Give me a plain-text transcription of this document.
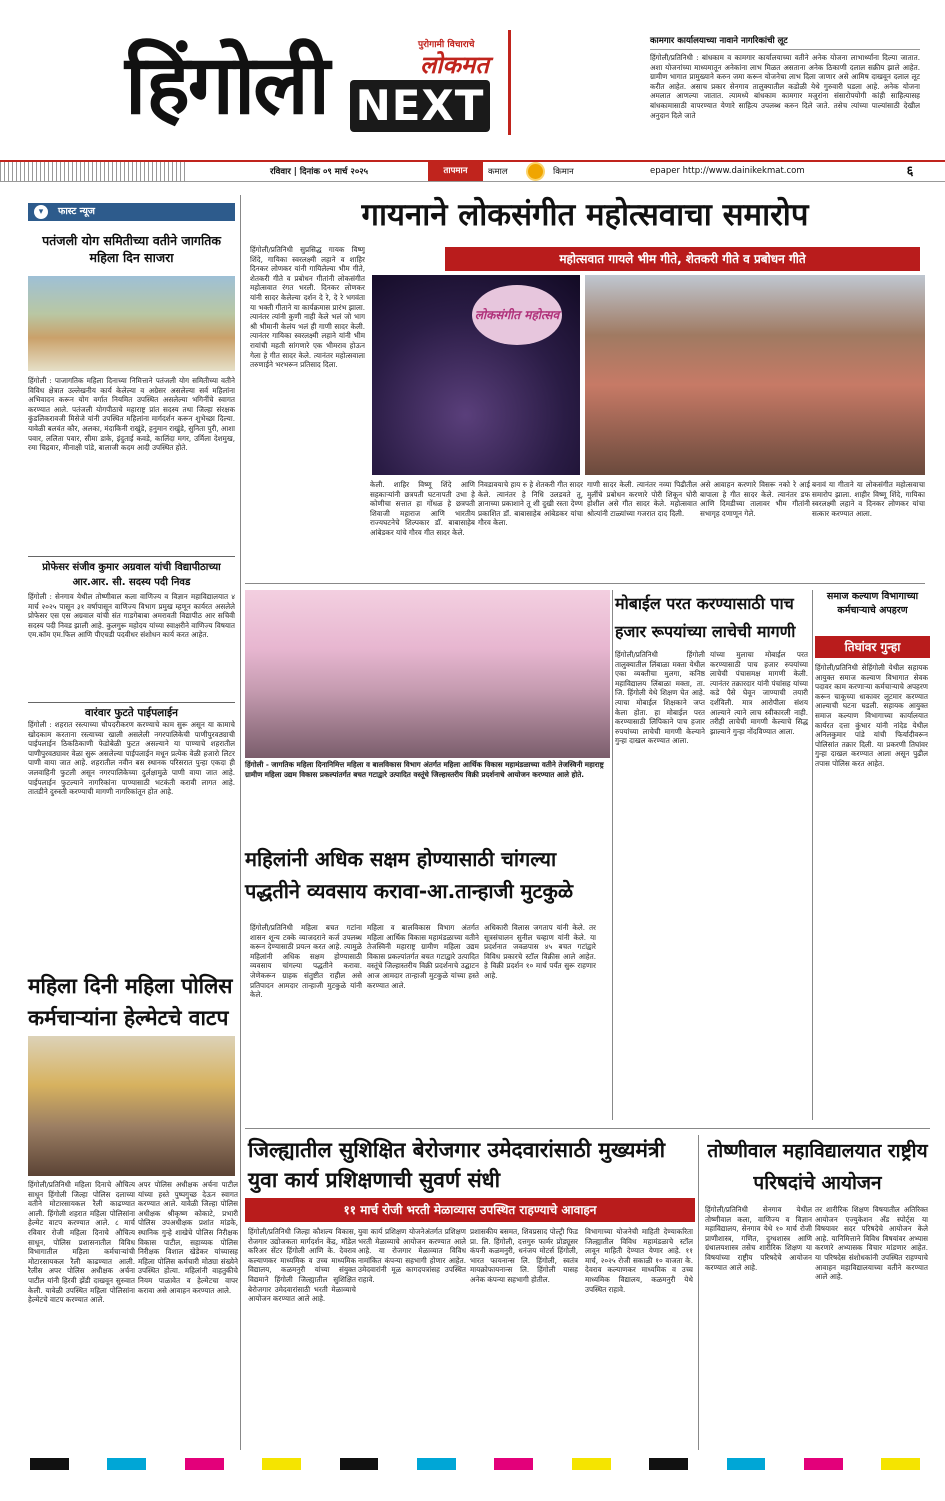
हिंगोली	पुरोगामी विचाराचे
लोकमत
NEXT
कामगार कार्यालयाच्या नावाने नागरिकांची लूट
हिंगोली/प्रतिनिधी : बांधकाम व कामगार कार्यालयाच्या वतीने अनेक योजना लाभार्थ्यांना दिल्या जातात. अशा योजनांच्या माध्यमातून अनेकांना लाभ मिळत असताना अनेक ठिकाणी दलाल सक्रीय झाले आहेत. ग्रामीण भागात प्रामुख्याने करुन जमा करून योजनेचा लाभ दिला जाणार असे आमिष दाखवून दलाल लूट करीत आहेत. असाच प्रकार सेनगाव तालुक्यातील कडोळी येथे गुरुवारी घडला आहे. अनेक योजना अमलात आणल्या जातात. त्यामध्ये बांधकाम कामगार मजुरांना संसारोपयोगी कांही साहित्यासह बांधकामासाठी वापरण्यात येणारे साहित्य उपलब्ध करुन दिले जाते. तसेच त्यांच्या पाल्यांसाठी देखील अनुदान दिले जाते
रविवार | दिनांक ०९ मार्च २०२५	तापमान	कमाल	किमान	epaper http://www.dainikekmat.com	६
फास्ट न्यूज
▾
पतंजली योग समितीच्या वतीने जागतिक महिला दिन साजरा
हिंगोली : पाजागतिक महिला दिनाच्या निमित्ताने पतंजली योग समितीच्या वतीने विविध क्षेत्रात उल्लेखनीय कार्य केलेल्या व अग्रेसर असलेल्या सर्व महिलांना अभिवादन करून योग वर्गात नियमित उपस्थित असलेल्या भगिनींचे स्वागत करण्यात आले. पतंजली योगपीठाचे महाराष्ट्र प्रांत सदस्य तथा जिल्हा संरक्षक कुंडलिकरावजी मिसेजे यांनी उपस्थित महिलांना मार्गदर्शन करून शुभेच्छा दिल्या. यावेळी बलवंत कौर, अलका, मंदाकिनी राखुंडे, हनुमान राखुंडे, सुनिता पुरी, आशा पवार, ललिता पवार, सीमा डाके, इंदुताई कवडे, कालिंदा मगर, उर्मिला देशमुख, रमा चिद्रवार, मीनाक्षी पांडे, बालाजी कदम आदी उपस्थित होते.
प्रोफेसर संजीव कुमार अग्रवाल यांची विद्यापीठाच्या आर.आर. सी. सदस्य पदी निवड
हिंगोली : सेनगाव येथील तोष्णीवाल कला वाणिज्य व विज्ञान महाविद्यालयात ४ मार्च २०२५ पासून ३१ वर्षापासून वाणिज्य विभाग प्रमुख म्हणून कार्यरत असलेले प्रोफेसर एस एस अग्रवाल यांची संत गाडगेबाबा अमरावती विद्यापीठ आर सचिवी सदस्य पदी निवड झाली आहे. कुलगुरू महोदय यांच्या स्वाक्षरीने वाणिज्य विषयात एम.कॉम एम.फिल आणि पीएचडी पदवीधर संशोधन कार्य करत आहेत.
वारंवार फुटते पाईपलाईन
हिंगोली : शहरात रस्त्याच्या चौपदरीकरण करण्याचे काम सुरू असून या कामाचे खोदकाम करताना रस्त्याच्या खाली असलेली नगरपालिकेची पाणीपुरवठ्याची पाईपलाईन ठिकठिकाणी फेडोबेळी फुटत असल्याने या पाण्याचे शहरातील पाणीपुरवठ्यावर वेळा सुरू असलेल्या पाईपलाईन मधून प्रत्येक वेळी हजारो लिटर पाणी वाया जात आहे. शहरातील नवीन बस स्थानक परिसरात पुन्हा एकदा ही जलवाहिनी फुटली असून नगरपालिकेच्या दुर्लक्षामुळे पाणी वाया जात आहे. पाईपलाईन फुटल्याने नागरिकांना पाण्यासाठी भटकंती करावी लागत आहे. तातडीने दुरुस्ती करण्याची मागणी नागरिकांतून होत आहे.
गायनाने लोकसंगीत महोत्सवाचा समारोप
हिंगोली/प्रतिनिधी सुप्रसिद्ध गायक विष्णू शिंदे, गायिका स्वरलक्ष्मी लहाने व शाहिर दिनकर लोणकर यांनी गायिलेल्या भीम गीते, शेतकरी गीते व प्रबोधन गीतांनी लोकसंगीत महोत्सवात रंगत भरली. दिनकर लोणकर यांनी सादर केलेल्या दर्शन दे रे, दे रे भगवंता या भक्ती गीताने या कार्यक्रमास प्रारंभ झाला. त्यानंतर त्यांनी कुणी नाही केले भलं जो भाग श्री भीमानी केलंय भलं ही गाणी सादर केली. त्यानंतर गायिका स्वरलक्ष्मी लहाने यांनी भीम रायांची महती सांगणारे एक भीमराव होऊन गेला हे गीत सादर केले. त्यानंतर महोत्सवाला तरुणाईने भरभरून प्रतिसाद दिला.
महोत्सवात गायले भीम गीते, शेतकरी गीते व प्रबोधन गीते
लोकसंगीत महोत्सव
केली. शाहिर विष्णू शिंदे आणि सहकाऱ्यांनी छत्रपती घटनापती उभा हे कोणीचा सत्तात हा गोंधळ हे छत्रपती शिवाजी महाराज आणि भारतीय राज्यघटनेचे शिल्पकार डॉ. बाबासाहेब आंबेडकर यांचे गौरव गीत सादर केले.
निवडावयाचे हाय रु हे शेतकरी गीत सादर केले. त्यानंतर हे निधि उलडवते तू, ज्ञानाच्या प्रकाशाने तू शी दुखी रस्ता देण्ण प्रकाशित डॉ. बाबासाहेब आंबेडकर यांचा गौरव केला.
गाणी सादर केली. त्यानंतर नव्या पिढीतील मुलींचे प्रबोधन करणारे पोरी शिकून घोरी होशील असे गीत सादर केले. महोत्सवात श्रोत्यांनी टाळ्यांच्या गजरात दाद दिली.
असे आवाहन करणारे विसरू नको रे आई बापाला हे गीत सादर केले. त्यानंतर डफ आणि दिमडीच्या तालावर भीम गीतांनी सभागृह दणाणून गेले.
बनावं या गीताने या लोकसंगीत महोत्सवाचा समारोप झाला. शाहीर विष्णू शिंदे, गायिका स्वरलक्ष्मी लहाने व दिनकर लोणकर यांचा सत्कार करण्यात आला.
हिंगोली - जागतिक महिला दिनानिमित्त महिला व बालविकास विभाग अंतर्गत महिला आर्थिक विकास महामंडळाच्या वतीने तेजस्विनी महाराष्ट्र ग्रामीण महिला उद्यम विकास प्रकल्पांतर्गत बचत गटाद्वारे उत्पादित वस्तूंचे जिल्हास्तरीय विक्री प्रदर्शनाचे आयोजन करण्यात आले होते.
महिलांनी अधिक सक्षम होण्यासाठी चांगल्या पद्धतीने व्यवसाय करावा-आ.तान्हाजी मुटकुळे
हिंगोली/प्रतिनिधी महिला बचत गटांना शासन शून्य टक्के व्याजदराने कर्ज उपलब्ध करून देण्यासाठी प्रयत्न करत आहे. त्यामुळे महिलांनी अधिक सक्षम होण्यासाठी व्यवसाय चांगल्या पद्धतीने करावा. जेणेकरून ग्राहक संतुष्टीत राहील असे प्रतिपादन आमदार तान्हाजी मुटकुळे यांनी केले.
महिला व बालविकास विभाग अंतर्गत महिला आर्थिक विकास महामंडळाच्या वतीने तेजस्विनी महाराष्ट्र ग्रामीण महिला उद्यम विकास प्रकल्पांतर्गत बचत गटाद्वारे उत्पादित वस्तूंचे जिल्हास्तरीय विक्री प्रदर्शनाचे उद्घाटन आज आमदार तान्हाजी मुटकुळे यांच्या हस्ते करण्यात आले.
अधिकारी विलास जगताप यांनी केले. तर सूत्रसंचालन सुनील चव्हाण यांनी केले. या प्रदर्शनात जवळपास ४५ बचत गटांद्वारे विविध प्रकारचे स्टॉल विक्रीस आले आहेत. हे विक्री प्रदर्शन १० मार्च पर्यंत सुरू राहणार आहे.
मोबाईल परत करण्यासाठी पाच हजार रूपयांच्या लाचेची मागणी
हिंगोली/प्रतिनिधी हिंगोली तालुक्यातील लिंबाळा मक्ता येथील एका व्यक्तीचा मुलगा, कनिष्ठ महाविद्यालय लिंबाळा मक्ता, ता. जि. हिंगोली येथे शिक्षण घेत आहे. त्याचा मोबाईल शिक्षकाने जप्त केला होता. हा मोबाईल परत करण्यासाठी लिपिकाने पाच हजार रुपयांच्या लाचेची मागणी केल्याने गुन्हा दाखल करण्यात आला.
यांच्या मुलाचा मोबाईल परत करण्यासाठी पाच हजार रुपयांच्या लाचेची पंचासमक्ष मागणी केली. त्यानंतर तक्रारदार यांनी पंचांसह यांच्या कडे पैसे घेवून जाण्याची तयारी दर्शविली. मात्र आरोपीला संशय आल्याने त्याने लाच स्वीकारली नाही. तरीही लाचेची मागणी केल्याचे सिद्ध झाल्याने गुन्हा नोंदविण्यात आला.
समाज कल्याण विभागाच्या कर्मचाऱ्याचे अपहरण
तिघांवर गुन्हा
हिंगोली/प्रतिनिधी सेहिंगोली येथील सहायक आयुक्त समाज कल्याण विभागात सेवक पदावर काम करणाऱ्या कर्मचाऱ्याचे अपहरण करून चाकूच्या धाकावर लूटमार करण्यात आल्याची घटना घडली. सहायक आयुक्त समाज कल्याण विभागाच्या कार्यालयात कार्यरत दत्ता कुंभार यांनी नांदेड येथील अनिलकुमार पांडे यांची फिर्यादीवरून पोलिसांत तक्रार दिली. या प्रकरणी तिघांवर गुन्हा दाखल करण्यात आला असून पुढील तपास पोलिस करत आहेत.
महिला दिनी महिला पोलिस कर्मचाऱ्यांना हेल्मेटचे वाटप
हिंगोली/प्रतिनिधी महिला दिनाचे औचित्य साधून हिंगोली जिल्हा पोलिस दलाच्या वतीने मोटारसायकल रैली काढण्यात आली. हिंगोली शहरात महिला पोलिसांना हेल्मेट वाटप करण्यात आले. ८ मार्च रविवार रोजी महिला दिनाचे औचित्य साधून, पोलिस प्रशासनातील विविध विभागातील महिला कर्मचाऱ्यांची मोटारसायकल रैली काढण्यात आली. रैलीस अपर पोलिस अधीक्षक अर्चना पाटील यांनी हिरवी झेंडी दाखवून सुरुवात केली. यावेळी उपस्थित महिला पोलिसांना हेल्मेटचे वाटप करण्यात आले.
अपर पोलिस अधीक्षक अर्चना पाटील यांच्या हस्ते पुष्पगुच्छ देऊन स्वागत करण्यात आले. यावेळी जिल्हा पोलिस अधीक्षक श्रीकृष्ण कोकाटे, प्रभारी पोलिस उपअधीक्षक प्रशांत मांडके, स्थानिक गुन्हे शाखेचे पोलिस निरीक्षक विकास पाटील, सहाय्यक पोलिस निरीक्षक विशाल खेडेकर यांच्यासह महिला पोलिस कर्मचारी मोठ्या संख्येने उपस्थित होत्या. महिलांनी वाहतुकीचे नियम पाळावेत व हेल्मेटचा वापर करावा असे आवाहन करण्यात आले.
जिल्ह्यातील सुशिक्षित बेरोजगार उमेदवारांसाठी मुख्यमंत्री युवा कार्य प्रशिक्षणाची सुवर्ण संधी
११ मार्च रोजी भरती मेळाव्यास उपस्थित राहण्याचे आवाहन
हिंगोली/प्रतिनिधी जिल्हा कौशल्य विकास, रोजगार उद्योजकता मार्गदर्शन केंद्र, मॉडेल करिअर सेंटर हिंगोली आणि के. देवराव कल्याणकर माध्यमिक व उच्च माध्यमिक विद्यालय, कळमनुरी यांच्या संयुक्त विद्यमाने हिंगोली जिल्ह्यातील सुशिक्षित बेरोजगार उमेदवारांसाठी भरती मेळाव्याचे आयोजन करण्यात आले आहे.
युवा कार्य प्रशिक्षण योजनेअंतर्गत प्रशिक्षण भरती मेळाव्याचे आयोजन करण्यात आले आहे. या रोजगार मेळाव्यात विविध नामांकित कंपन्या सहभागी होणार आहेत. उमेदवारांनी मूळ कागदपत्रांसह उपस्थित राहावे.
प्रशासकीय बसमत, शिवप्रसाद पोल्ट्री फिड प्रा. लि. हिंगोली, दत्तगुरु फार्मर प्रोड्यूसर कंपनी कळमनुरी, धनंजय मोटर्स हिंगोली, भारत फायनान्स लि. हिंगोली, स्वतंत्र मायक्रोफायनान्स लि. हिंगोली यासह अनेक कंपन्या सहभागी होतील.
विभागाच्या योजनेची माहिती देण्याकरिता जिल्ह्यातील विविध महामंडळाचे स्टॉल लावून माहिती देण्यात येणार आहे. ११ मार्च, २०२५ रोजी सकाळी १० वाजता के. देवराव कल्याणकर माध्यमिक व उच्च माध्यमिक विद्यालय, कळमनुरी येथे उपस्थित राहावे.
तोष्णीवाल महाविद्यालयात राष्ट्रीय परिषदांचे आयोजन
हिंगोली/प्रतिनिधी सेनगाव येथील तोष्णीवाल कला, वाणिज्य व विज्ञान महाविद्यालय, सेनगाव येथे १० मार्च रोजी प्राणीशास्त्र, गणित, दुग्धशास्त्र आणि ग्रंथालयशास्त्र तसेच शारीरिक शिक्षण या विषयांच्या राष्ट्रीय परिषदेचे आयोजन करण्यात आले आहे.
तर शारीरिक शिक्षण विषयातील अतिरिक्त आयोजन एज्युकेशन अँड स्पोर्ट्स या विषयावर सदर परिषदेचे आयोजन केले आहे. यानिमित्ताने विविध विषयांवर अभ्यास करणारे अभ्यासक विचार मांडणार आहेत. या परिषदेस संशोधकांनी उपस्थित राहण्याचे आवाहन महाविद्यालयाच्या वतीने करण्यात आले आहे.
